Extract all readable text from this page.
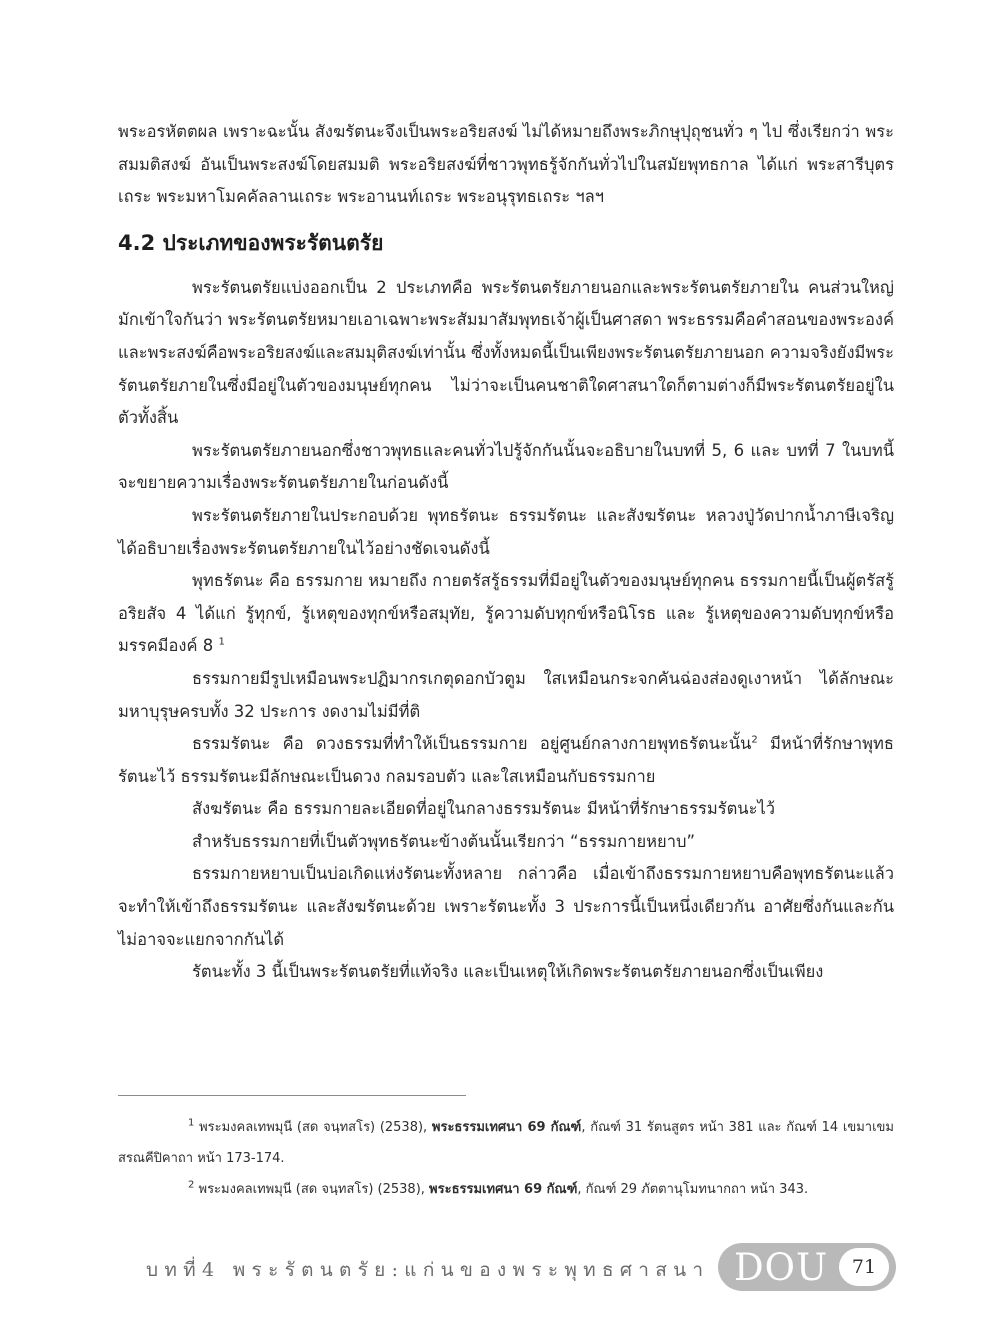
พระอรหัตตผล เพราะฉะนั้น สังฆรัตนะจึงเป็นพระอริยสงฆ์ ไม่ได้หมายถึงพระภิกษุปุถุชนทั่ว ๆ ไป ซึ่งเรียกว่า พระสมมติสงฆ์ อันเป็นพระสงฆ์โดยสมมติ พระอริยสงฆ์ที่ชาวพุทธรู้จักกันทั่วไปในสมัยพุทธกาล ได้แก่ พระสารีบุตรเถระ พระมหาโมคคัลลานเถระ พระอานนท์เถระ พระอนุรุทธเถระ ฯลฯ

4.2 ประเภทของพระรัตนตรัย

พระรัตนตรัยแบ่งออกเป็น 2 ประเภทคือ พระรัตนตรัยภายนอกและพระรัตนตรัยภายใน คนส่วนใหญ่มักเข้าใจกันว่า พระรัตนตรัยหมายเอาเฉพาะพระสัมมาสัมพุทธเจ้าผู้เป็นศาสดา พระธรรมคือคำสอนของพระองค์ และพระสงฆ์คือพระอริยสงฆ์และสมมุติสงฆ์เท่านั้น ซึ่งทั้งหมดนี้เป็นเพียงพระรัตนตรัยภายนอก ความจริงยังมีพระรัตนตรัยภายในซึ่งมีอยู่ในตัวของมนุษย์ทุกคน ไม่ว่าจะเป็นคนชาติใดศาสนาใดก็ตามต่างก็มีพระรัตนตรัยอยู่ในตัวทั้งสิ้น

พระรัตนตรัยภายนอกซึ่งชาวพุทธและคนทั่วไปรู้จักกันนั้นจะอธิบายในบทที่ 5, 6 และ บทที่ 7 ในบทนี้จะขยายความเรื่องพระรัตนตรัยภายในก่อนดังนี้

พระรัตนตรัยภายในประกอบด้วย พุทธรัตนะ ธรรมรัตนะ และสังฆรัตนะ หลวงปู่วัดปากน้ำภาษีเจริญได้อธิบายเรื่องพระรัตนตรัยภายในไว้อย่างชัดเจนดังนี้

พุทธรัตนะ คือ ธรรมกาย หมายถึง กายตรัสรู้ธรรมที่มีอยู่ในตัวของมนุษย์ทุกคน ธรรมกายนี้เป็นผู้ตรัสรู้อริยสัจ 4 ได้แก่ รู้ทุกข์, รู้เหตุของทุกข์หรือสมุทัย, รู้ความดับทุกข์หรือนิโรธ และ รู้เหตุของความดับทุกข์หรือมรรคมีองค์ 8 $^1$

ธรรมกายมีรูปเหมือนพระปฏิมากรเกตุดอกบัวตูม ใสเหมือนกระจกคันฉ่องส่องดูเงาหน้า ได้ลักษณะมหาบุรุษครบทั้ง 32 ประการ งดงามไม่มีที่ติ

ธรรมรัตนะ คือ ดวงธรรมที่ทำให้เป็นธรรมกาย อยู่ศูนย์กลางกายพุทธรัตนะนั้น$^2$ มีหน้าที่รักษาพุทธรัตนะไว้ ธรรมรัตนะมีลักษณะเป็นดวง กลมรอบตัว และใสเหมือนกับธรรมกาย

สังฆรัตนะ คือ ธรรมกายละเอียดที่อยู่ในกลางธรรมรัตนะ มีหน้าที่รักษาธรรมรัตนะไว้

สำหรับธรรมกายที่เป็นตัวพุทธรัตนะข้างต้นนั้นเรียกว่า “ธรรมกายหยาบ”

ธรรมกายหยาบเป็นบ่อเกิดแห่งรัตนะทั้งหลาย กล่าวคือ เมื่อเข้าถึงธรรมกายหยาบคือพุทธรัตนะแล้ว จะทำให้เข้าถึงธรรมรัตนะ และสังฆรัตนะด้วย เพราะรัตนะทั้ง 3 ประการนี้เป็นหนึ่งเดียวกัน อาศัยซึ่งกันและกัน ไม่อาจจะแยกจากกันได้

รัตนะทั้ง 3 นี้เป็นพระรัตนตรัยที่แท้จริง และเป็นเหตุให้เกิดพระรัตนตรัยภายนอกซึ่งเป็นเพียง

$^1$ พระมงคลเทพมุนี (สด จนฺทสโร) (2538), พระธรรมเทศนา 69 กัณฑ์, กัณฑ์ 31 รัตนสูตร หน้า 381 และ กัณฑ์ 14 เขมาเขมสรณคีปิคาถา หน้า 173-174.

$^2$ พระมงคลเทพมุนี (สด จนฺทสโร) (2538), พระธรรมเทศนา 69 กัณฑ์, กัณฑ์ 29 ภัตตานุโมทนากถา หน้า 343.

บทที่4 พระรัตนตรัย:แก่นของพระพุทธศาสนา DOU	71
